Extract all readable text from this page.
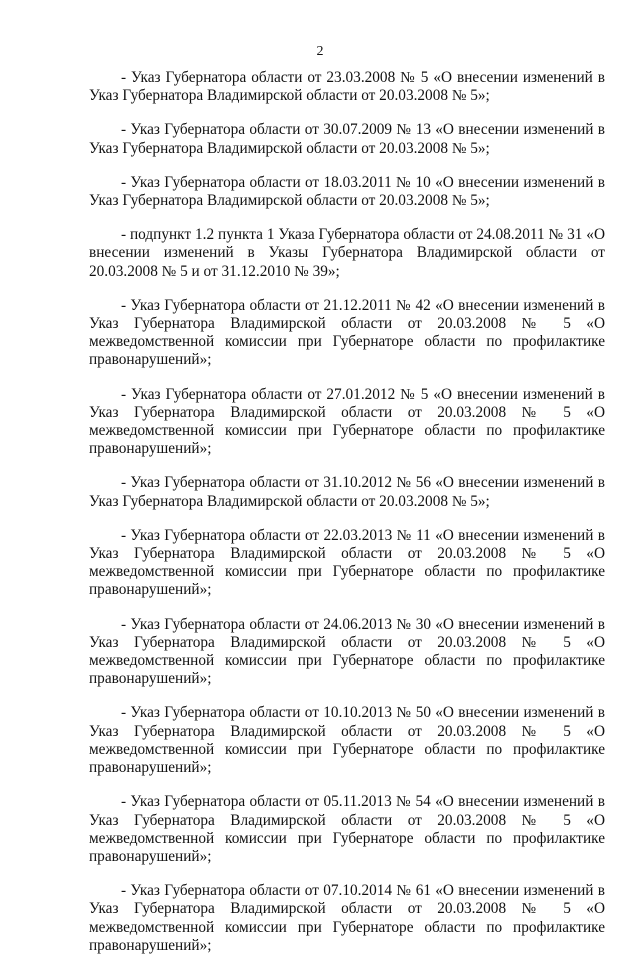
2

- Указ Губернатора области от 23.03.2008 № 5 «О внесении изменений в Указ Губернатора Владимирской области от 20.03.2008 № 5»;

- Указ Губернатора области от 30.07.2009 № 13 «О внесении изменений в Указ Губернатора Владимирской области от 20.03.2008 № 5»;

- Указ Губернатора области от 18.03.2011 № 10 «О внесении изменений в Указ Губернатора Владимирской области от 20.03.2008 № 5»;

- подпункт 1.2 пункта 1 Указа Губернатора области от 24.08.2011 № 31 «О внесении изменений в Указы Губернатора Владимирской области от 20.03.2008 № 5 и от 31.12.2010 № 39»;

- Указ Губернатора области от 21.12.2011 № 42 «О внесении изменений в Указ Губернатора Владимирской области от 20.03.2008 № 5 «О межведомственной комиссии при Губернаторе области по профилактике правонарушений»;

- Указ Губернатора области от 27.01.2012 № 5 «О внесении изменений в Указ Губернатора Владимирской области от 20.03.2008 № 5 «О межведомственной комиссии при Губернаторе области по профилактике правонарушений»;

- Указ Губернатора области от 31.10.2012 № 56 «О внесении изменений в Указ Губернатора Владимирской области от 20.03.2008 № 5»;

- Указ Губернатора области от 22.03.2013 № 11 «О внесении изменений в Указ Губернатора Владимирской области от 20.03.2008 № 5 «О межведомственной комиссии при Губернаторе области по профилактике правонарушений»;

- Указ Губернатора области от 24.06.2013 № 30 «О внесении изменений в Указ Губернатора Владимирской области от 20.03.2008 № 5 «О межведомственной комиссии при Губернаторе области по профилактике правонарушений»;

- Указ Губернатора области от 10.10.2013 № 50 «О внесении изменений в Указ Губернатора Владимирской области от 20.03.2008 № 5 «О межведомственной комиссии при Губернаторе области по профилактике правонарушений»;

- Указ Губернатора области от 05.11.2013 № 54 «О внесении изменений в Указ Губернатора Владимирской области от 20.03.2008 № 5 «О межведомственной комиссии при Губернаторе области по профилактике правонарушений»;

- Указ Губернатора области от 07.10.2014 № 61 «О внесении изменений в Указ Губернатора Владимирской области от 20.03.2008 № 5 «О межведомственной комиссии при Губернаторе области по профилактике правонарушений»;
